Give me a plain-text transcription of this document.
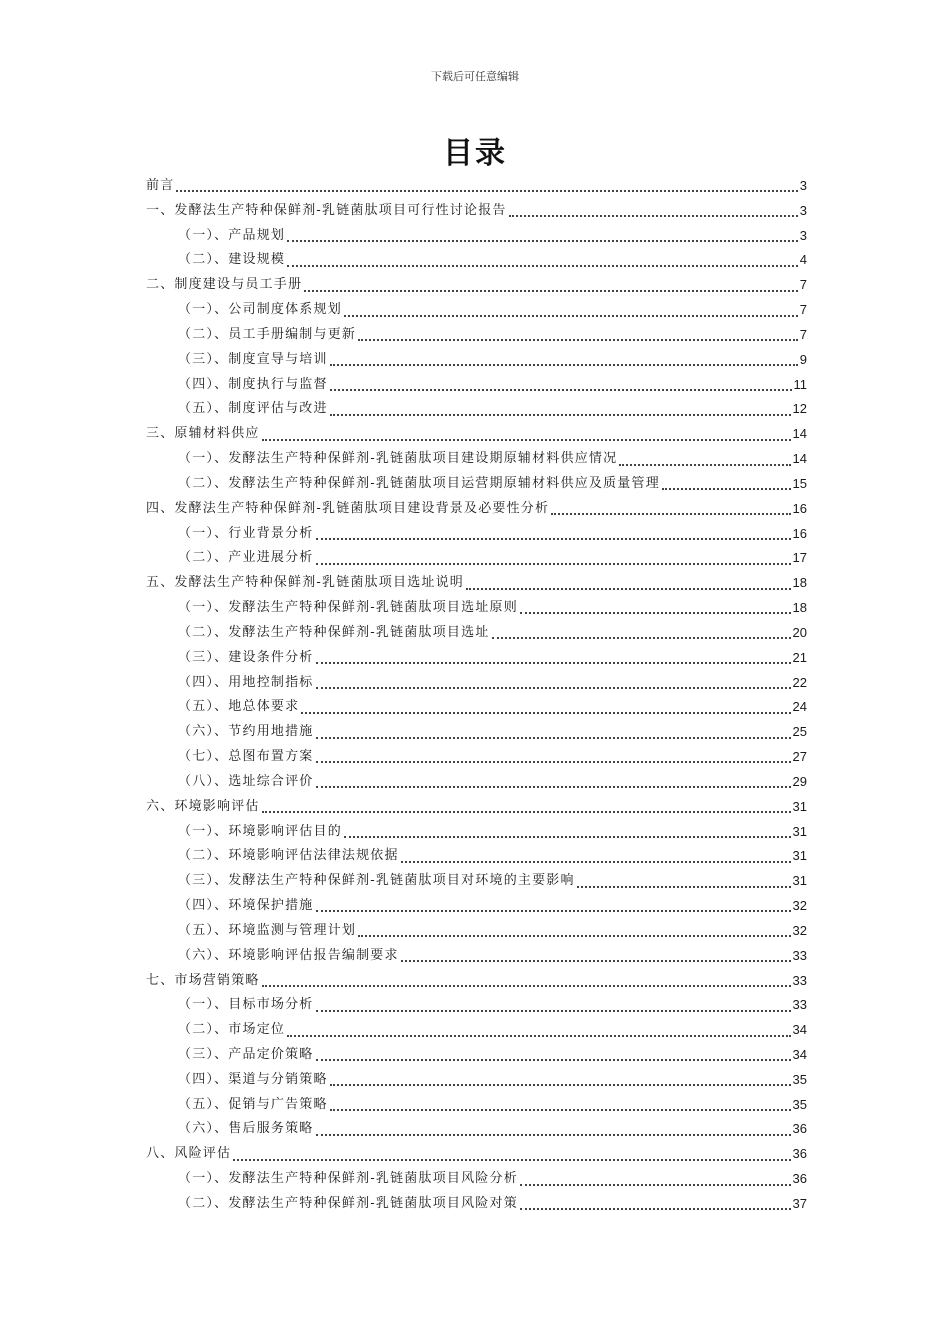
下载后可任意编辑
目录
前言	3
一、发酵法生产特种保鲜剂-乳链菌肽项目可行性讨论报告	3
（一）、产品规划	3
（二）、建设规模	4
二、制度建设与员工手册	7
（一）、公司制度体系规划	7
（二）、员工手册编制与更新	7
（三）、制度宣导与培训	9
（四）、制度执行与监督	11
（五）、制度评估与改进	12
三、原辅材料供应	14
（一）、发酵法生产特种保鲜剂-乳链菌肽项目建设期原辅材料供应情况	14
（二）、发酵法生产特种保鲜剂-乳链菌肽项目运营期原辅材料供应及质量管理	15
四、发酵法生产特种保鲜剂-乳链菌肽项目建设背景及必要性分析	16
（一）、行业背景分析	16
（二）、产业进展分析	17
五、发酵法生产特种保鲜剂-乳链菌肽项目选址说明	18
（一）、发酵法生产特种保鲜剂-乳链菌肽项目选址原则	18
（二）、发酵法生产特种保鲜剂-乳链菌肽项目选址	20
（三）、建设条件分析	21
（四）、用地控制指标	22
（五）、地总体要求	24
（六）、节约用地措施	25
（七）、总图布置方案	27
（八）、选址综合评价	29
六、环境影响评估	31
（一）、环境影响评估目的	31
（二）、环境影响评估法律法规依据	31
（三）、发酵法生产特种保鲜剂-乳链菌肽项目对环境的主要影响	31
（四）、环境保护措施	32
（五）、环境监测与管理计划	32
（六）、环境影响评估报告编制要求	33
七、市场营销策略	33
（一）、目标市场分析	33
（二）、市场定位	34
（三）、产品定价策略	34
（四）、渠道与分销策略	35
（五）、促销与广告策略	35
（六）、售后服务策略	36
八、风险评估	36
（一）、发酵法生产特种保鲜剂-乳链菌肽项目风险分析	36
（二）、发酵法生产特种保鲜剂-乳链菌肽项目风险对策	37
